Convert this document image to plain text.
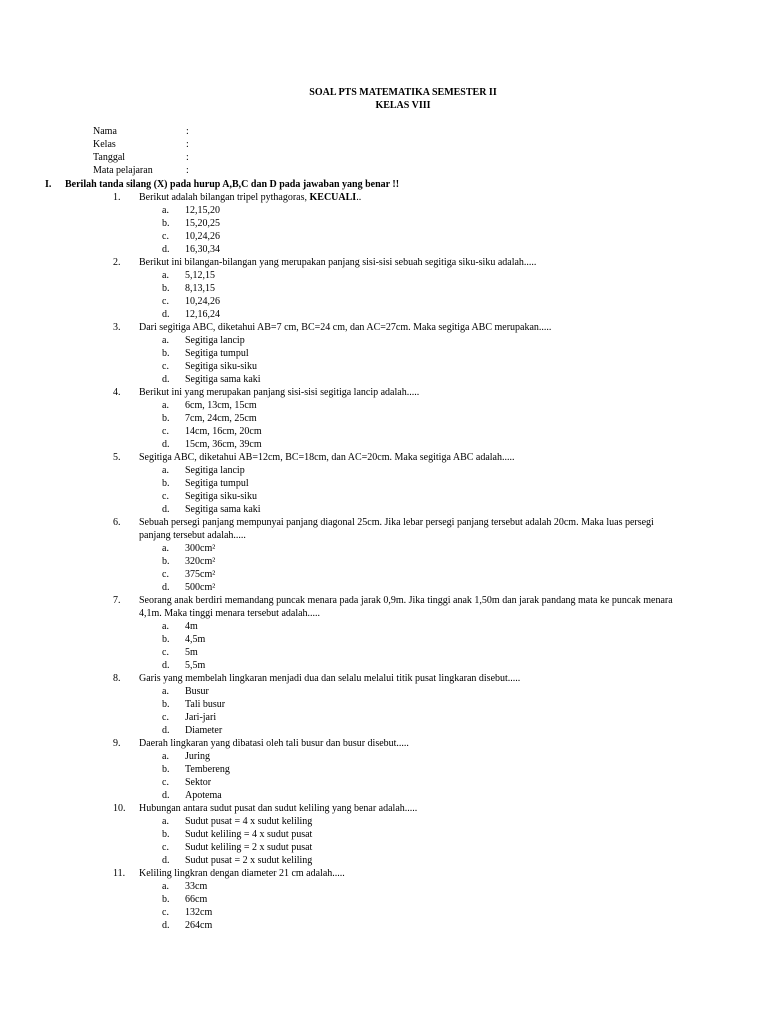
SOAL PTS MATEMATIKA SEMESTER II
KELAS VIII
Nama	:
Kelas	:
Tanggal	:
Mata pelajaran	:
I. Berilah tanda silang (X) pada hurup A,B,C dan D pada jawaban yang benar !!
1.	Berikut adalah bilangan tripel pythagoras, KECUALI..
a. 12,15,20
b. 15,20,25
c. 10,24,26
d. 16,30,34
2.	Berikut ini bilangan-bilangan yang merupakan panjang sisi-sisi sebuah segitiga siku-siku adalah.....
a. 5,12,15
b. 8,13,15
c. 10,24,26
d. 12,16,24
3.	Dari segitiga ABC, diketahui AB=7 cm, BC=24 cm, dan AC=27cm. Maka segitiga ABC merupakan.....
a. Segitiga lancip
b. Segitiga tumpul
c. Segitiga siku-siku
d. Segitiga sama kaki
4.	Berikut ini yang merupakan panjang sisi-sisi segitiga lancip adalah.....
a. 6cm, 13cm, 15cm
b. 7cm, 24cm, 25cm
c. 14cm, 16cm, 20cm
d. 15cm, 36cm, 39cm
5.	Segitiga ABC, diketahui AB=12cm, BC=18cm, dan AC=20cm. Maka segitiga ABC adalah.....
a. Segitiga lancip
b. Segitiga tumpul
c. Segitiga siku-siku
d. Segitiga sama kaki
6.	Sebuah persegi panjang mempunyai panjang diagonal 25cm. Jika lebar persegi panjang tersebut adalah 20cm. Maka luas persegi panjang tersebut adalah.....
a. 300cm²
b. 320cm²
c. 375cm²
d. 500cm²
7.	Seorang anak berdiri memandang puncak menara pada jarak 0,9m. Jika tinggi anak 1,50m dan jarak pandang mata ke puncak menara 4,1m. Maka tinggi menara tersebut adalah.....
a. 4m
b. 4,5m
c. 5m
d. 5,5m
8.	Garis yang membelah lingkaran menjadi dua dan selalu melalui titik pusat lingkaran disebut.....
a. Busur
b. Tali busur
c. Jari-jari
d. Diameter
9.	Daerah lingkaran yang dibatasi oleh tali busur dan busur disebut.....
a. Juring
b. Tembereng
c. Sektor
d. Apotema
10. Hubungan antara sudut pusat dan sudut keliling yang benar adalah.....
a. Sudut pusat = 4 x sudut keliling
b. Sudut keliling = 4 x sudut pusat
c. Sudut keliling = 2 x sudut pusat
d. Sudut pusat = 2 x sudut keliling
11. Keliling lingkran dengan diameter 21 cm adalah.....
a. 33cm
b. 66cm
c. 132cm
d. 264cm
